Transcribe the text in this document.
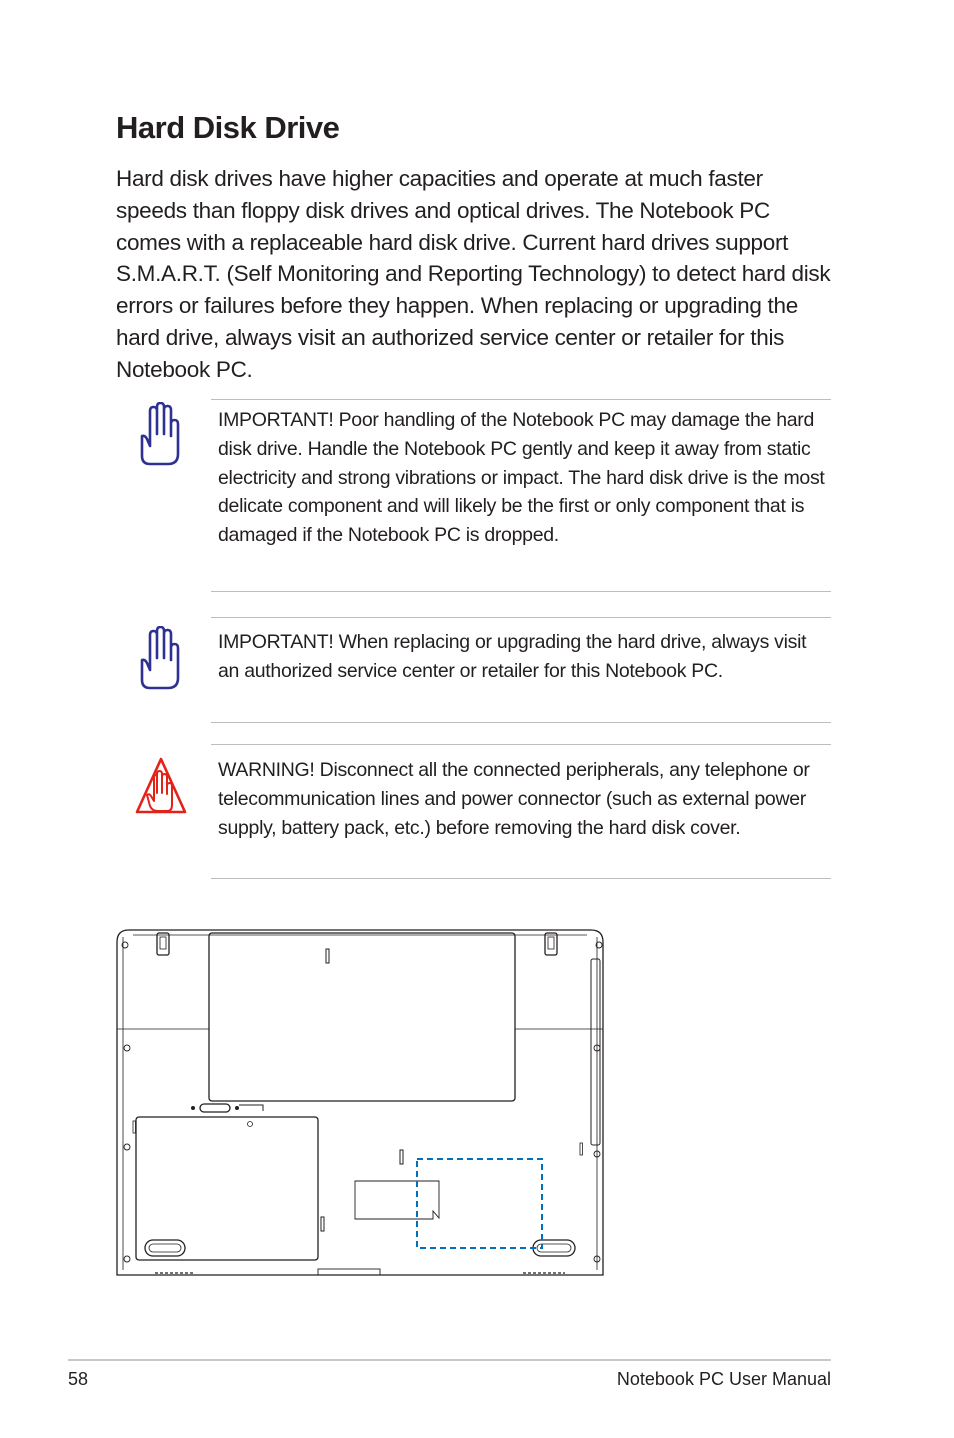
Hard Disk Drive

Hard disk drives have higher capacities and operate at much faster speeds than floppy disk drives and optical drives. The Notebook PC comes with a replaceable hard disk drive. Current hard drives support S.M.A.R.T. (Self Monitoring and Reporting Technology) to detect hard disk errors or failures before they happen. When replacing or upgrading the hard drive, always visit an authorized service center or retailer for this Notebook PC.

IMPORTANT! Poor handling of the Notebook PC may damage the hard disk drive. Handle the Notebook PC gently and keep it away from static electricity and strong vibrations or impact. The hard disk drive is the most delicate component and will likely be the first or only component that is damaged if the Notebook PC is dropped.

IMPORTANT! When replacing or upgrading the hard drive, always visit an authorized service center or retailer for this Notebook PC.

WARNING! Disconnect all the connected peripherals, any telephone or telecommunication lines and power connector (such as external power supply, battery pack, etc.) before removing the hard disk cover.

58	Notebook PC User Manual
